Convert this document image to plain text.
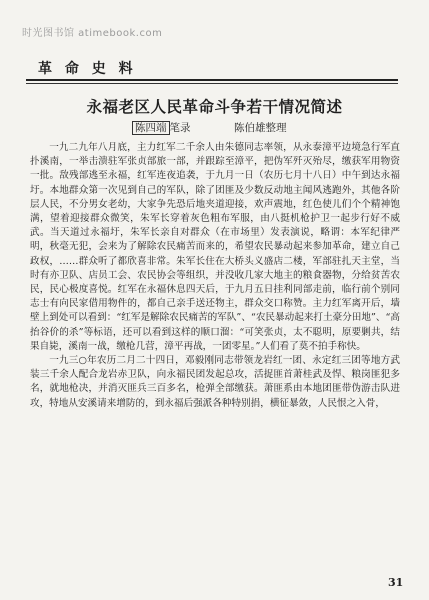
时光图书馆 atimebook.com
革 命 史 料
永福老区人民革命斗争若干情况简述
陈四端 笔录	陈伯雄整理

一九二九年八月底，主力红军二千余人由朱德同志率领，从永泰漳平边境急行军直扑溪南，一举击溃驻军张贞部旅一部，并跟踪至漳平，把伪军歼灭殆尽，缴获军用物资一批。敌残部逃至永福，红军连夜追袭，于九月一日（农历七月十八日）中午到达永福圩。本地群众第一次见到自己的军队，除了团匪及少数反动地主闻风逃跑外，其他各阶层人民，不分男女老幼，大家争先恐后地夹道迎接，欢声震地，红色使儿们个个精神饱满，望着迎接群众微笑，朱军长穿着灰色粗布军服，由八挺机枪护卫一起步行好不威武。当天道过永福圩，朱军长亲自对群众（在市场里）发表演说，略谓：本军纪律严明，秋毫无犯，会来为了解除农民痛苦而来的，希望农民暴动起来参加革命，建立自己政权，……群众听了都欣喜非常。朱军长住在大桥头义盛店二楼，军部驻扎天主堂，当时有亦卫队、店员工会、农民协会等组织，并没收几家大地主的粮食器物，分给贫苦农民，民心极度喜悦。红军在永福休息四天后，于九月五日挂利同部走前，临行前个别同志士有向民家借用物件的，都自己亲手送还物主，群众交口称赞。主力红军离开后，墙壁上到处可以看到：“红军是解除农民痛苦的军队”、“农民暴动起来打土豪分田地”、“高抬谷价的杀”等标语，还可以看到这样的顺口溜：“可笑张贞，太不聪明，原要剿共，结果自毙，溪南一战，缴枪几营，漳平再战，一团零星。”人们看了莫不拍手称快。

一九三○年农历二月二十四日，邓毅刚同志带领龙岩红一团、永定红三团等地方武装三千余人配合龙岩赤卫队，向永福民团发起总攻，活捉匪首萧桂武及悍、粮岗匪犯多名，就地枪决，并消灭匪兵三百多名，枪弹全部缴获。萧匪系由本地团匪带伪游击队进攻，特地从安溪请来增防的，到永福后强派各种特别捐，横征暴敛，人民恨之入骨，

31
